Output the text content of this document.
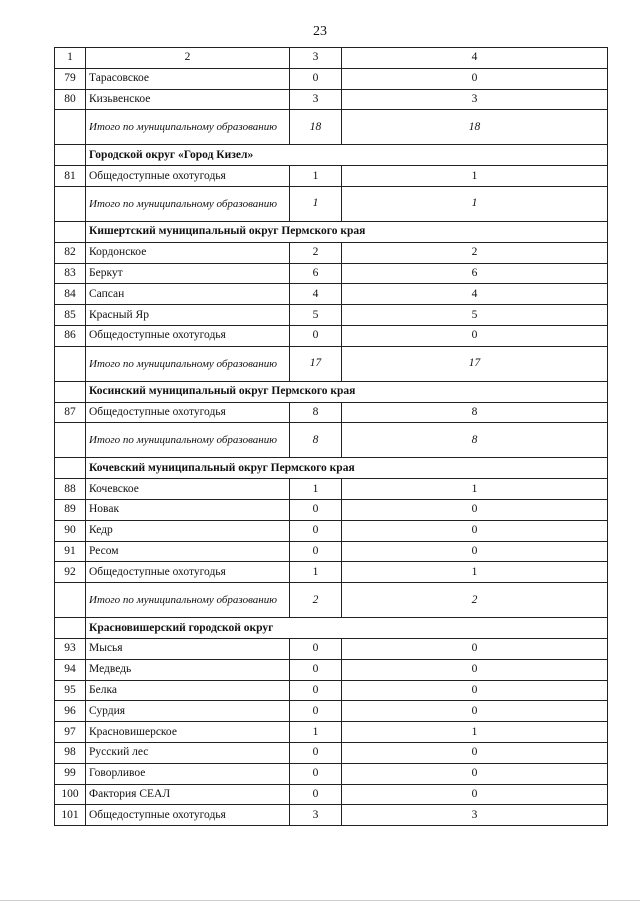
23
1	2	3	4
79	Тарасовское	0	0
80	Кизьвенское	3	3
	Итого по муниципальному образованию	18	18
	Городской округ «Город Кизел»		
81	Общедоступные охотугодья	1	1
	Итого по муниципальному образованию	1	1
	Кишертский муниципальный округ Пермского края		
82	Кордонское	2	2
83	Беркут	6	6
84	Сапсан	4	4
85	Красный Яр	5	5
86	Общедоступные охотугодья	0	0
	Итого по муниципальному образованию	17	17
	Косинский муниципальный округ Пермского края		
87	Общедоступные охотугодья	8	8
	Итого по муниципальному образованию	8	8
	Кочевский муниципальный округ Пермского края		
88	Кочевское	1	1
89	Новак	0	0
90	Кедр	0	0
91	Ресом	0	0
92	Общедоступные охотугодья	1	1
	Итого по муниципальному образованию	2	2
	Красновишерский городской округ		
93	Мысья	0	0
94	Медведь	0	0
95	Белка	0	0
96	Сурдия	0	0
97	Красновишерское	1	1
98	Русский лес	0	0
99	Говорливое	0	0
100	Фактория СЕАЛ	0	0
101	Общедоступные охотугодья	3	3
